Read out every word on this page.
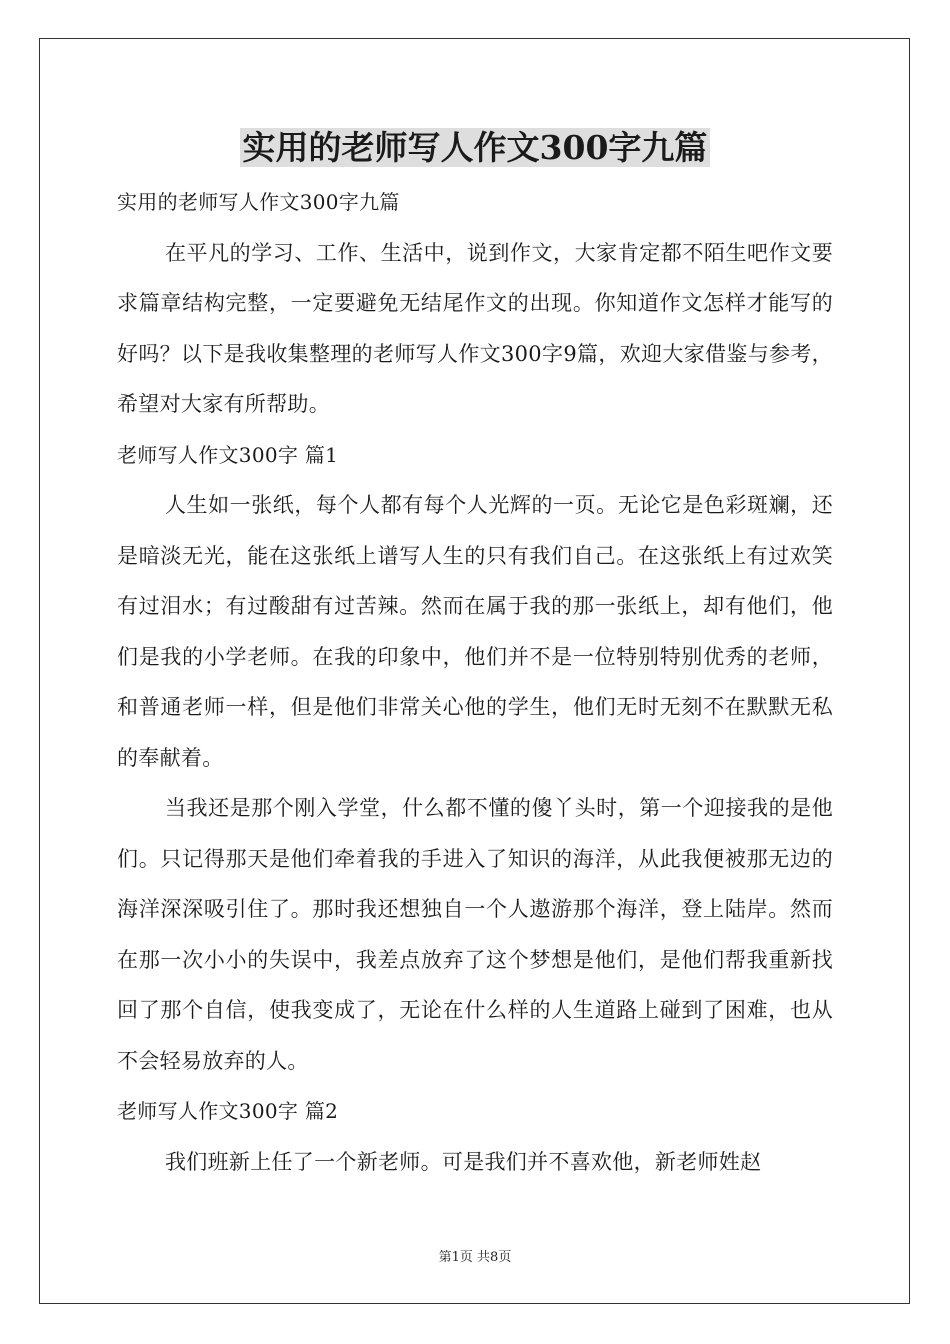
实用的老师写人作文300字九篇

实用的老师写人作文300字九篇

在平凡的学习、工作、生活中，说到作文，大家肯定都不陌生吧作文要求篇章结构完整，一定要避免无结尾作文的出现。你知道作文怎样才能写的好吗？以下是我收集整理的老师写人作文300字9篇，欢迎大家借鉴与参考，希望对大家有所帮助。

老师写人作文300字 篇1

人生如一张纸，每个人都有每个人光辉的一页。无论它是色彩斑斓，还是暗淡无光，能在这张纸上谱写人生的只有我们自己。在这张纸上有过欢笑有过泪水；有过酸甜有过苦辣。然而在属于我的那一张纸上，却有他们，他们是我的小学老师。在我的印象中，他们并不是一位特别特别优秀的老师，和普通老师一样，但是他们非常关心他的学生，他们无时无刻不在默默无私的奉献着。

当我还是那个刚入学堂，什么都不懂的傻丫头时，第一个迎接我的是他们。只记得那天是他们牵着我的手进入了知识的海洋，从此我便被那无边的海洋深深吸引住了。那时我还想独自一个人遨游那个海洋，登上陆岸。然而在那一次小小的失误中，我差点放弃了这个梦想是他们，是他们帮我重新找回了那个自信，使我变成了，无论在什么样的人生道路上碰到了困难，也从不会轻易放弃的人。

老师写人作文300字 篇2

我们班新上任了一个新老师。可是我们并不喜欢他，新老师姓赵

第1页 共8页
